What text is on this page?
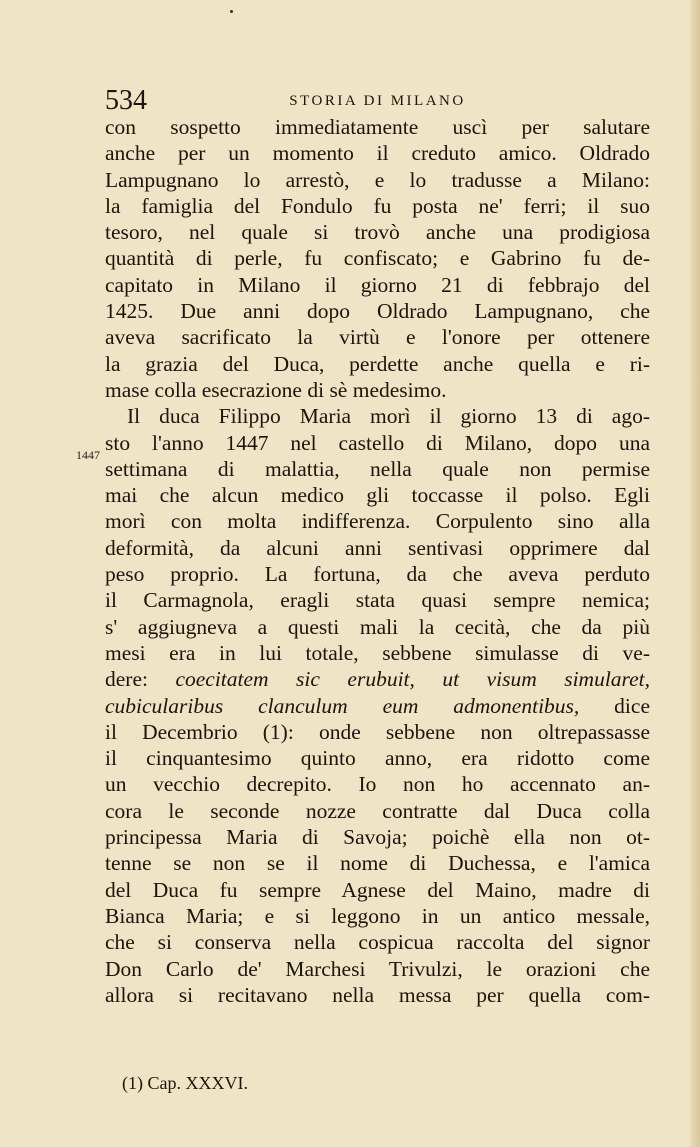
534	STORIA DI MILANO
1447
con sospetto immediatamente uscì per salutare
anche per un momento il creduto amico. Oldrado
Lampugnano lo arrestò, e lo tradusse a Milano:
la famiglia del Fondulo fu posta ne' ferri; il suo
tesoro, nel quale si trovò anche una prodigiosa
quantità di perle, fu confiscato; e Gabrino fu de-
capitato in Milano il giorno 21 di febbrajo del
1425. Due anni dopo Oldrado Lampugnano, che
aveva sacrificato la virtù e l'onore per ottenere
la grazia del Duca, perdette anche quella e ri-
mase colla esecrazione di sè medesimo.
Il duca Filippo Maria morì il giorno 13 di ago-
sto l'anno 1447 nel castello di Milano, dopo una
settimana di malattia, nella quale non permise
mai che alcun medico gli toccasse il polso. Egli
morì con molta indifferenza. Corpulento sino alla
deformità, da alcuni anni sentivasi opprimere dal
peso proprio. La fortuna, da che aveva perduto
il Carmagnola, eragli stata quasi sempre nemica;
s' aggiugneva a questi mali la cecità, che da più
mesi era in lui totale, sebbene simulasse di ve-
dere: coecitatem sic erubuit, ut visum simularet,
cubicularibus clanculum eum admonentibus, dice
il Decembrio (1): onde sebbene non oltrepassasse
il cinquantesimo quinto anno, era ridotto come
un vecchio decrepito. Io non ho accennato an-
cora le seconde nozze contratte dal Duca colla
principessa Maria di Savoja; poichè ella non ot-
tenne se non se il nome di Duchessa, e l'amica
del Duca fu sempre Agnese del Maino, madre di
Bianca Maria; e si leggono in un antico messale,
che si conserva nella cospicua raccolta del signor
Don Carlo de' Marchesi Trivulzi, le orazioni che
allora si recitavano nella messa per quella com-
(1) Cap. XXXVI.
